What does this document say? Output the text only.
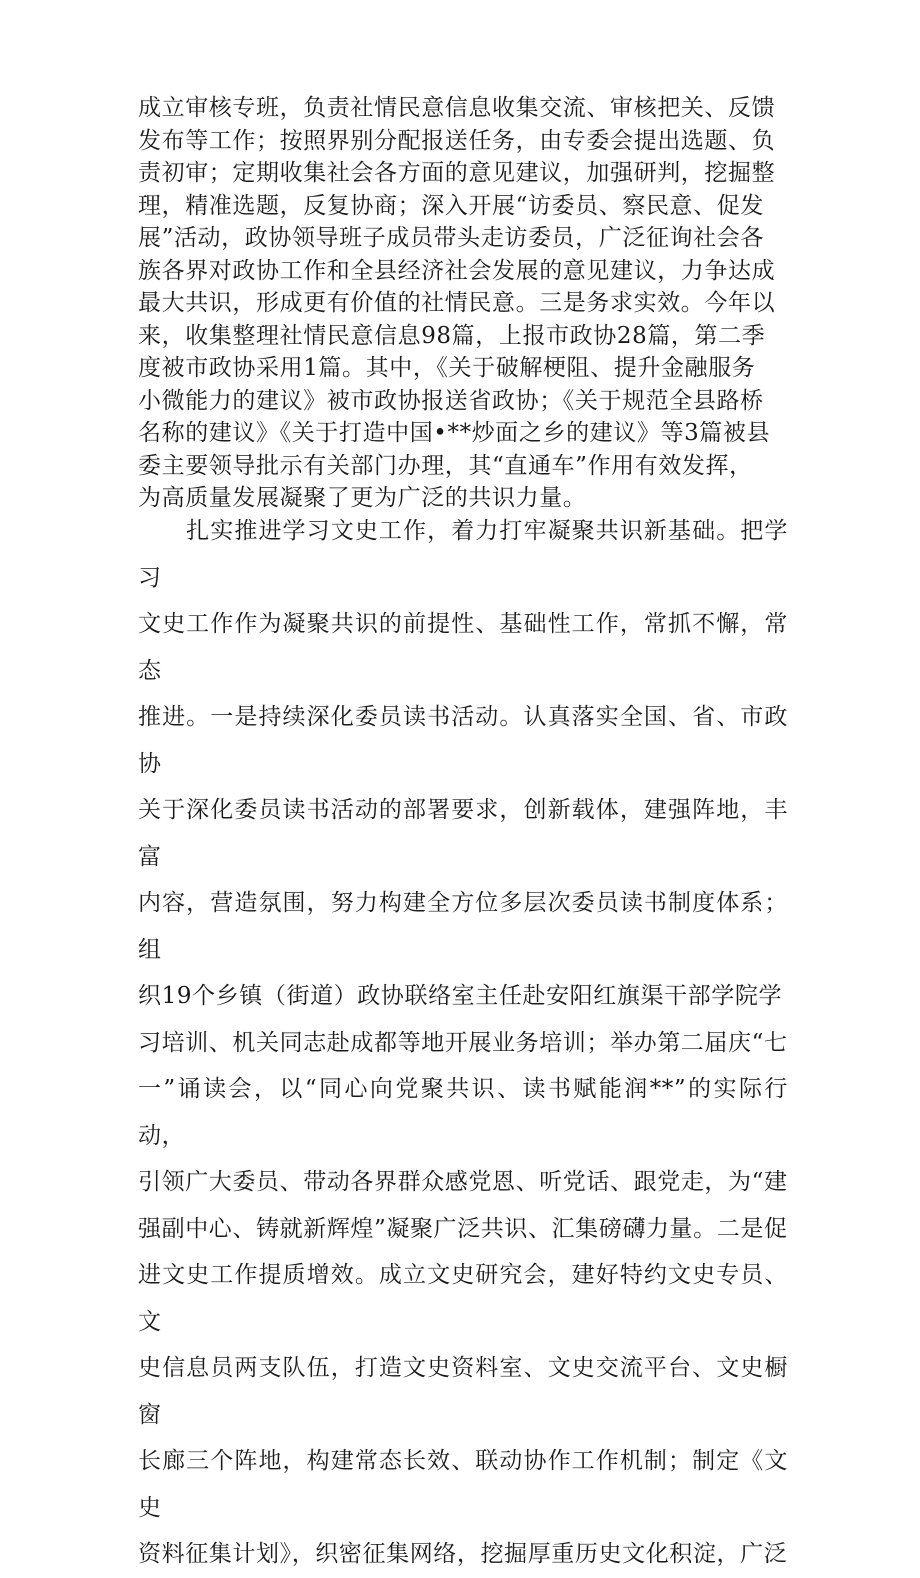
成立审核专班，负责社情民意信息收集交流、审核把关、反馈
发布等工作；按照界别分配报送任务，由专委会提出选题、负
责初审；定期收集社会各方面的意见建议，加强研判，挖掘整
理，精准选题，反复协商；深入开展“访委员、察民意、促发
展”活动，政协领导班子成员带头走访委员，广泛征询社会各
族各界对政协工作和全县经济社会发展的意见建议，力争达成
最大共识，形成更有价值的社情民意。三是务求实效。今年以
来，收集整理社情民意信息98篇，上报市政协28篇，第二季
度被市政协采用1篇。其中，《关于破解梗阻、提升金融服务
小微能力的建议》被市政协报送省政协；《关于规范全县路桥
名称的建议》《关于打造中国•**炒面之乡的建议》等3篇被县
委主要领导批示有关部门办理，其“直通车”作用有效发挥，
为高质量发展凝聚了更为广泛的共识力量。

　　扎实推进学习文史工作，着力打牢凝聚共识新基础。把学习
文史工作作为凝聚共识的前提性、基础性工作，常抓不懈，常态
推进。一是持续深化委员读书活动。认真落实全国、省、市政协
关于深化委员读书活动的部署要求，创新载体，建强阵地，丰富
内容，营造氛围，努力构建全方位多层次委员读书制度体系；组
织19个乡镇（街道）政协联络室主任赴安阳红旗渠干部学院学
习培训、机关同志赴成都等地开展业务培训；举办第二届庆“七
一”诵读会，以“同心向党聚共识、读书赋能润**”的实际行动，
引领广大委员、带动各界群众感党恩、听党话、跟党走，为“建
强副中心、铸就新辉煌”凝聚广泛共识、汇集磅礴力量。二是促
进文史工作提质增效。成立文史研究会，建好特约文史专员、文
史信息员两支队伍，打造文史资料室、文史交流平台、文史橱窗
长廊三个阵地，构建常态长效、联动协作工作机制；制定《文史
资料征集计划》，织密征集网络，挖掘厚重历史文化积淀，广泛
